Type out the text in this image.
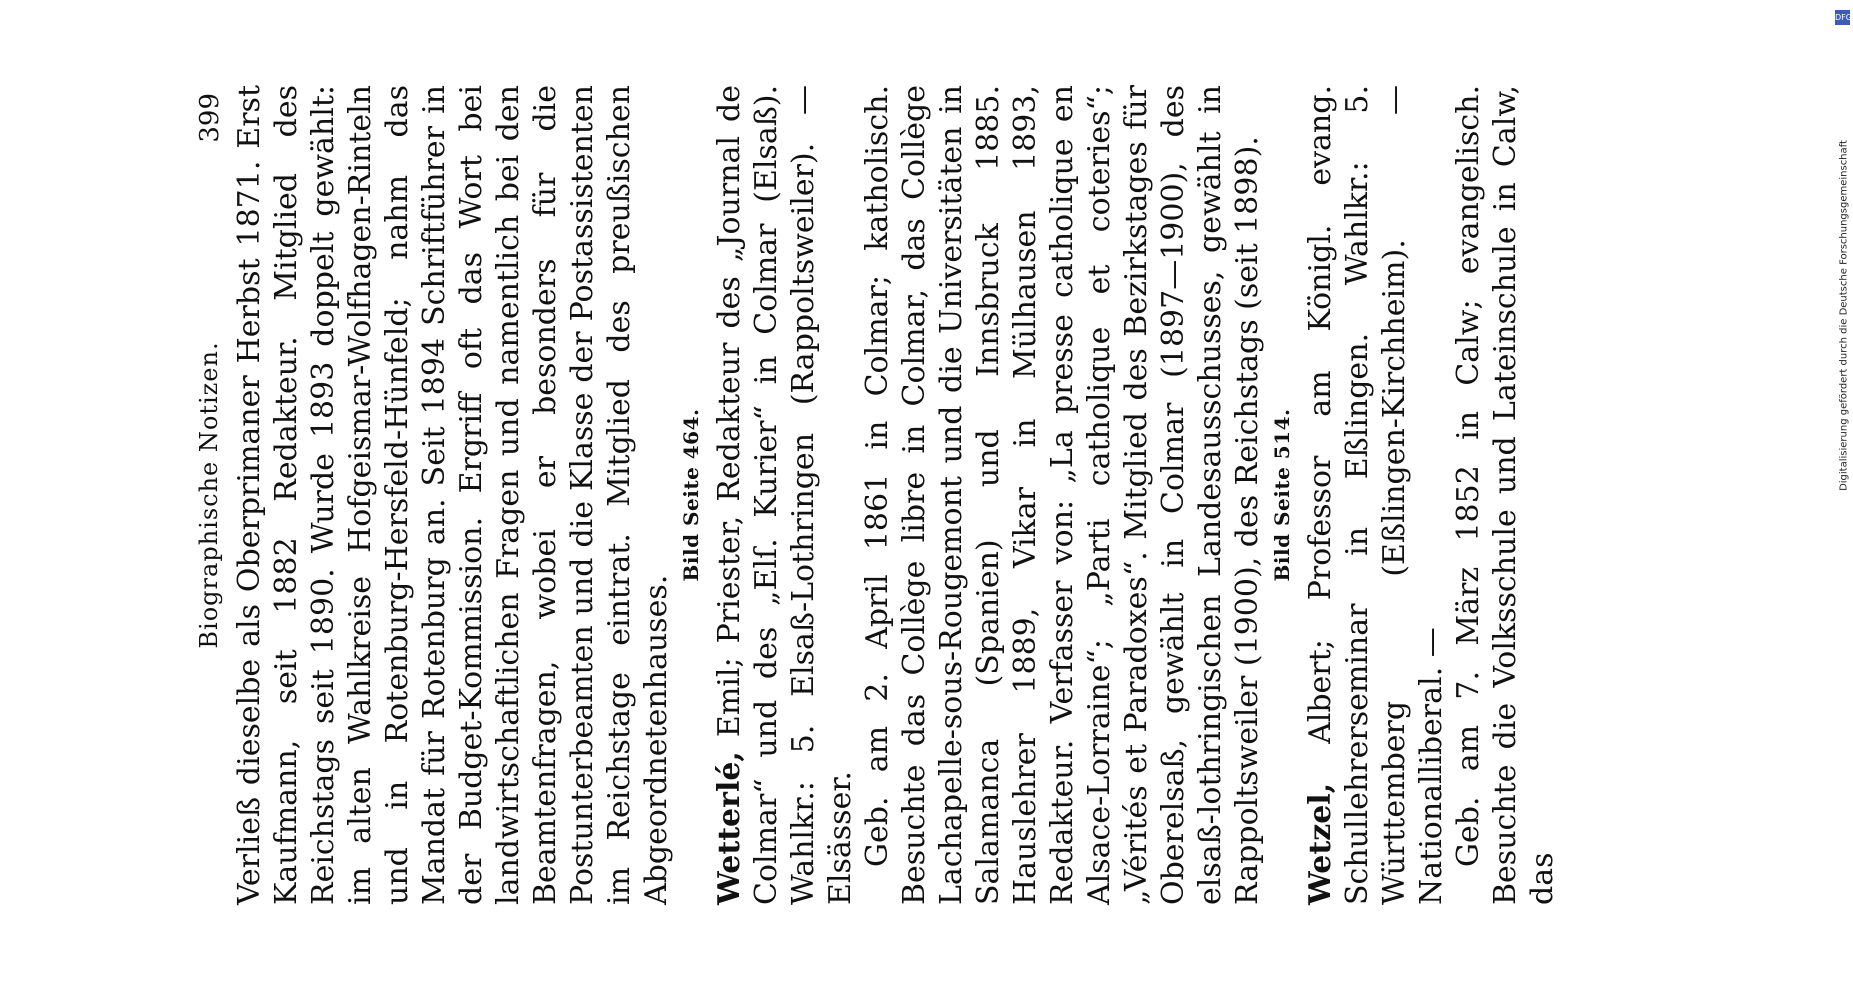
Biographische Notizen.
399 Verließ dieselbe als Oberprimaner Herbst 1871. Erst Kaufmann, seit 1882 Redakteur. Mitglied des Reichstags seit 1890. Wurde 1893 doppelt gewählt: im alten Wahlkreise Hofgeismar-Wolfhagen-Rinteln und in Rotenburg-Hersfeld-Hünfeld; nahm das Mandat für Rotenburg an. Seit 1894 Schriftführer in der Budget-Kommission. Ergriff oft das Wort bei landwirtschaftlichen Fragen und namentlich bei den Beamtenfragen, wobei er besonders für die Postunterbeamten und die Klasse der Postassistenten im Reichstage eintrat. Mitglied des preußischen Abgeordnetenhauses.

Bild Seite 464.

Wetterlé, Emil; Priester, Redakteur des „Journal de Colmar“ und des „Elſ. Kurier“ in Colmar (Elsaß). Wahlkr.: 5. Elsaß-Lothringen (Rappoltsweiler). — Elsässer. Geb. am 2. April 1861 in Colmar; katholisch. Besuchte das Collège libre in Colmar, das Collège Lachapelle-sous-Rougemont und die Universitäten in Salamanca (Spanien) und Innsbruck 1885. Hauslehrer 1889, Vikar in Mülhausen 1893, Redakteur. Verfasser von: „La presse catholique en Alsace-Lorraine“; „Parti catholique et coteries“; „Vérités et Paradoxes“. Mitglied des Bezirkstages für Oberelsaß, gewählt in Colmar (1897—1900), des elsaß-lothringischen Landesausschusses, gewählt in Rappoltsweiler (1900), des Reichstags (seit 1898). Bild Seite 514.

Wetzel, Albert; Professor am Königl. evang. Schullehrerseminar in Eßlingen. Wahlkr.: 5. Württemberg (Eßlingen-Kirchheim). — Nationalliberal. — Geb. am 7. März 1852 in Calw; evangelisch. Besuchte die Volksschule und Lateinschule in Calw, das

DFG
Digitalisierung gefördert durch die Deutsche Forschungsgemeinschaft
